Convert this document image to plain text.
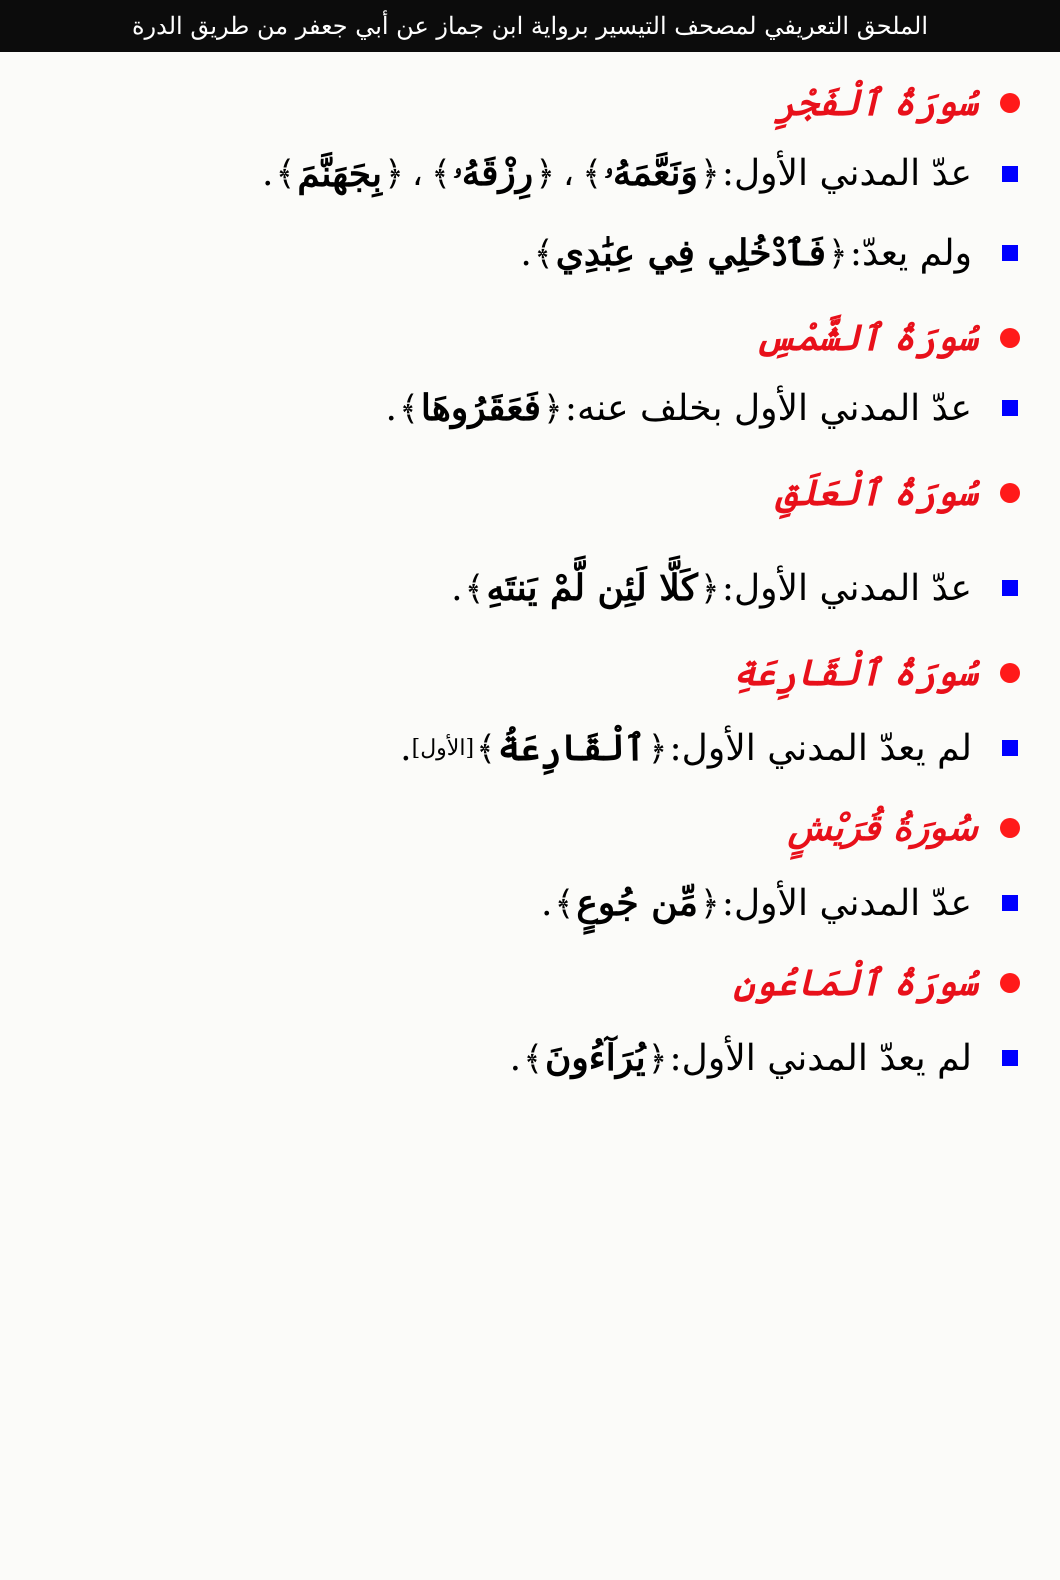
الملحق التعريفي لمصحف التيسير برواية ابن جماز عن أبي جعفر من طريق الدرة
سُورَةُ ٱلْفَجْرِ
عدّ المدني الأول:
﴿
وَنَعَّمَهُۥ
﴾
،
﴿
رِزْقَهُۥ
﴾
،
﴿
بِجَهَنَّمَ
﴾
.
ولم يعدّ:
﴿
فَٱدْخُلِي فِي عِبَٰدِي
﴾
.
سُورَةُ ٱلشَّمْسِ
عدّ المدني الأول بخلف عنه:
﴿
فَعَقَرُوهَا
﴾
.
سُورَةُ ٱلْعَلَقِ
عدّ المدني الأول:
﴿
كَلَّا لَئِن لَّمْ يَنتَهِ
﴾
.
سُورَةُ ٱلْقَارِعَةِ
لم يعدّ المدني الأول:
﴿
ٱلْقَارِعَةُ
﴾
[الأول]
.
سُورَةُ قُرَيْشٍ
عدّ المدني الأول:
﴿
مِّن جُوعٍ
﴾
.
سُورَةُ ٱلْمَاعُونِ
لم يعدّ المدني الأول:
﴿
يُرَآءُونَ
﴾
.
